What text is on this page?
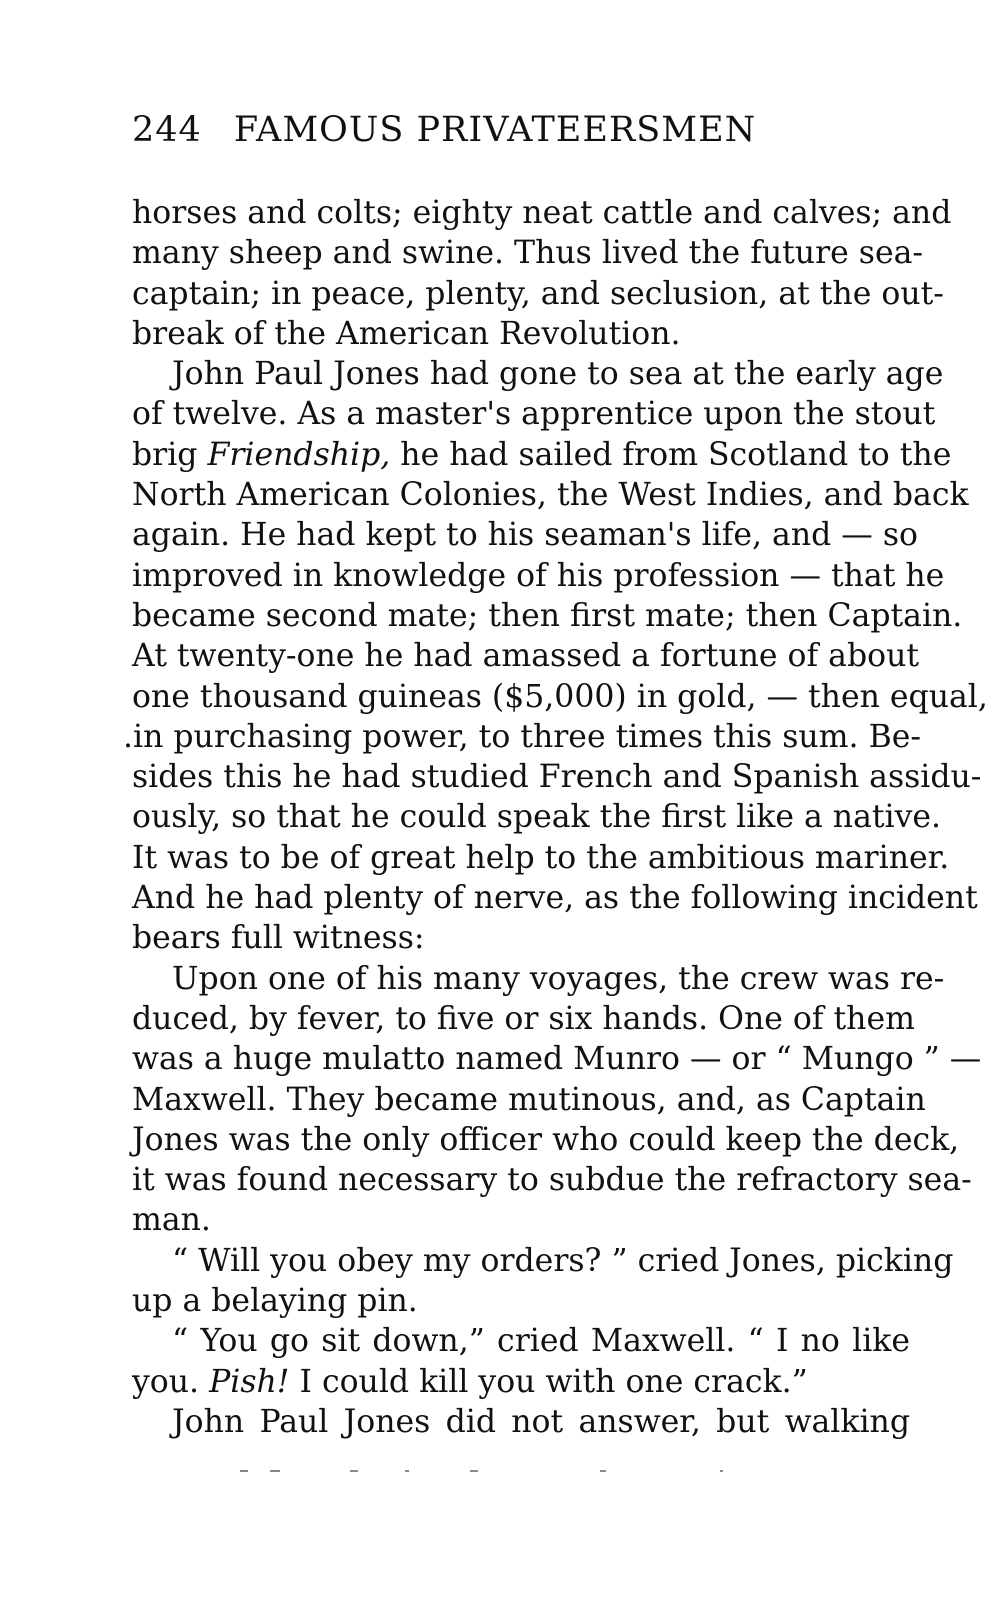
244 FAMOUS PRIVATEERSMEN
horses and colts; eighty neat cattle and calves; and
many sheep and swine. Thus lived the future sea-
captain; in peace, plenty, and seclusion, at the out-
break of the American Revolution.
John Paul Jones had gone to sea at the early age
of twelve. As a master's apprentice upon the stout
brig Friendship, he had sailed from Scotland to the
North American Colonies, the West Indies, and back
again. He had kept to his seaman's life, and — so
improved in knowledge of his profession — that he
became second mate; then first mate; then Captain.
At twenty-one he had amassed a fortune of about
one thousand guineas ($5,000) in gold, — then equal,
.in purchasing power, to three times this sum. Be-
sides this he had studied French and Spanish assidu-
ously, so that he could speak the first like a native.
It was to be of great help to the ambitious mariner.
And he had plenty of nerve, as the following incident
bears full witness:
Upon one of his many voyages, the crew was re-
duced, by fever, to five or six hands. One of them
was a huge mulatto named Munro — or “ Mungo ” —
Maxwell. They became mutinous, and, as Captain
Jones was the only officer who could keep the deck,
it was found necessary to subdue the refractory sea-
man.
“ Will you obey my orders? ” cried Jones, picking
up a belaying pin.
“ You go sit down,” cried Maxwell. “ I no like
you. Pish! I could kill you with one crack.”
John Paul Jones did not answer, but walking
